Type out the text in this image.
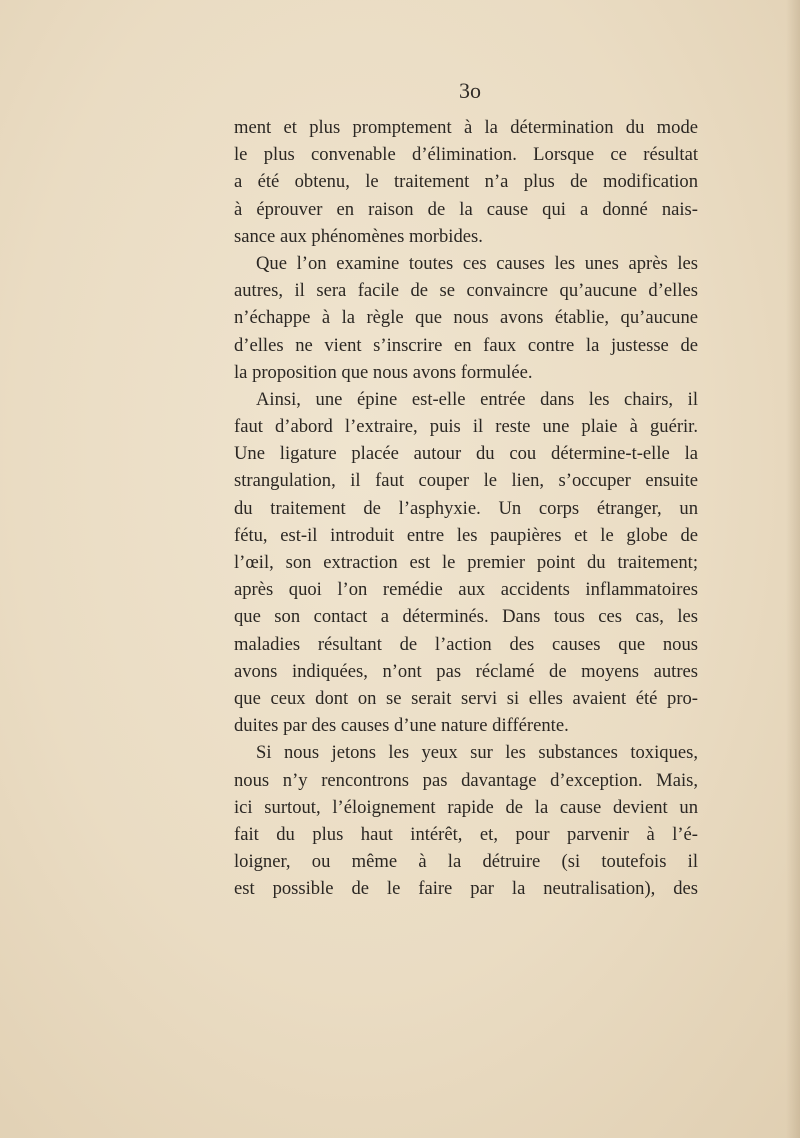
3o
ment et plus promptement à la détermination du mode
le plus convenable d’élimination. Lorsque ce résultat
a été obtenu, le traitement n’a plus de modification
à éprouver en raison de la cause qui a donné nais-
sance aux phénomènes morbides.
Que l’on examine toutes ces causes les unes après les
autres, il sera facile de se convaincre qu’aucune d’elles
n’échappe à la règle que nous avons établie, qu’aucune
d’elles ne vient s’inscrire en faux contre la justesse de
la proposition que nous avons formulée.
Ainsi, une épine est-elle entrée dans les chairs, il
faut d’abord l’extraire, puis il reste une plaie à guérir.
Une ligature placée autour du cou détermine-t-elle la
strangulation, il faut couper le lien, s’occuper ensuite
du traitement de l’asphyxie. Un corps étranger, un
fétu, est-il introduit entre les paupières et le globe de
l’œil, son extraction est le premier point du traitement;
après quoi l’on remédie aux accidents inflammatoires
que son contact a déterminés. Dans tous ces cas, les
maladies résultant de l’action des causes que nous
avons indiquées, n’ont pas réclamé de moyens autres
que ceux dont on se serait servi si elles avaient été pro-
duites par des causes d’une nature différente.
Si nous jetons les yeux sur les substances toxiques,
nous n’y rencontrons pas davantage d’exception. Mais,
ici surtout, l’éloignement rapide de la cause devient un
fait du plus haut intérêt, et, pour parvenir à l’é-
loigner, ou même à la détruire (si toutefois il
est possible de le faire par la neutralisation), des
